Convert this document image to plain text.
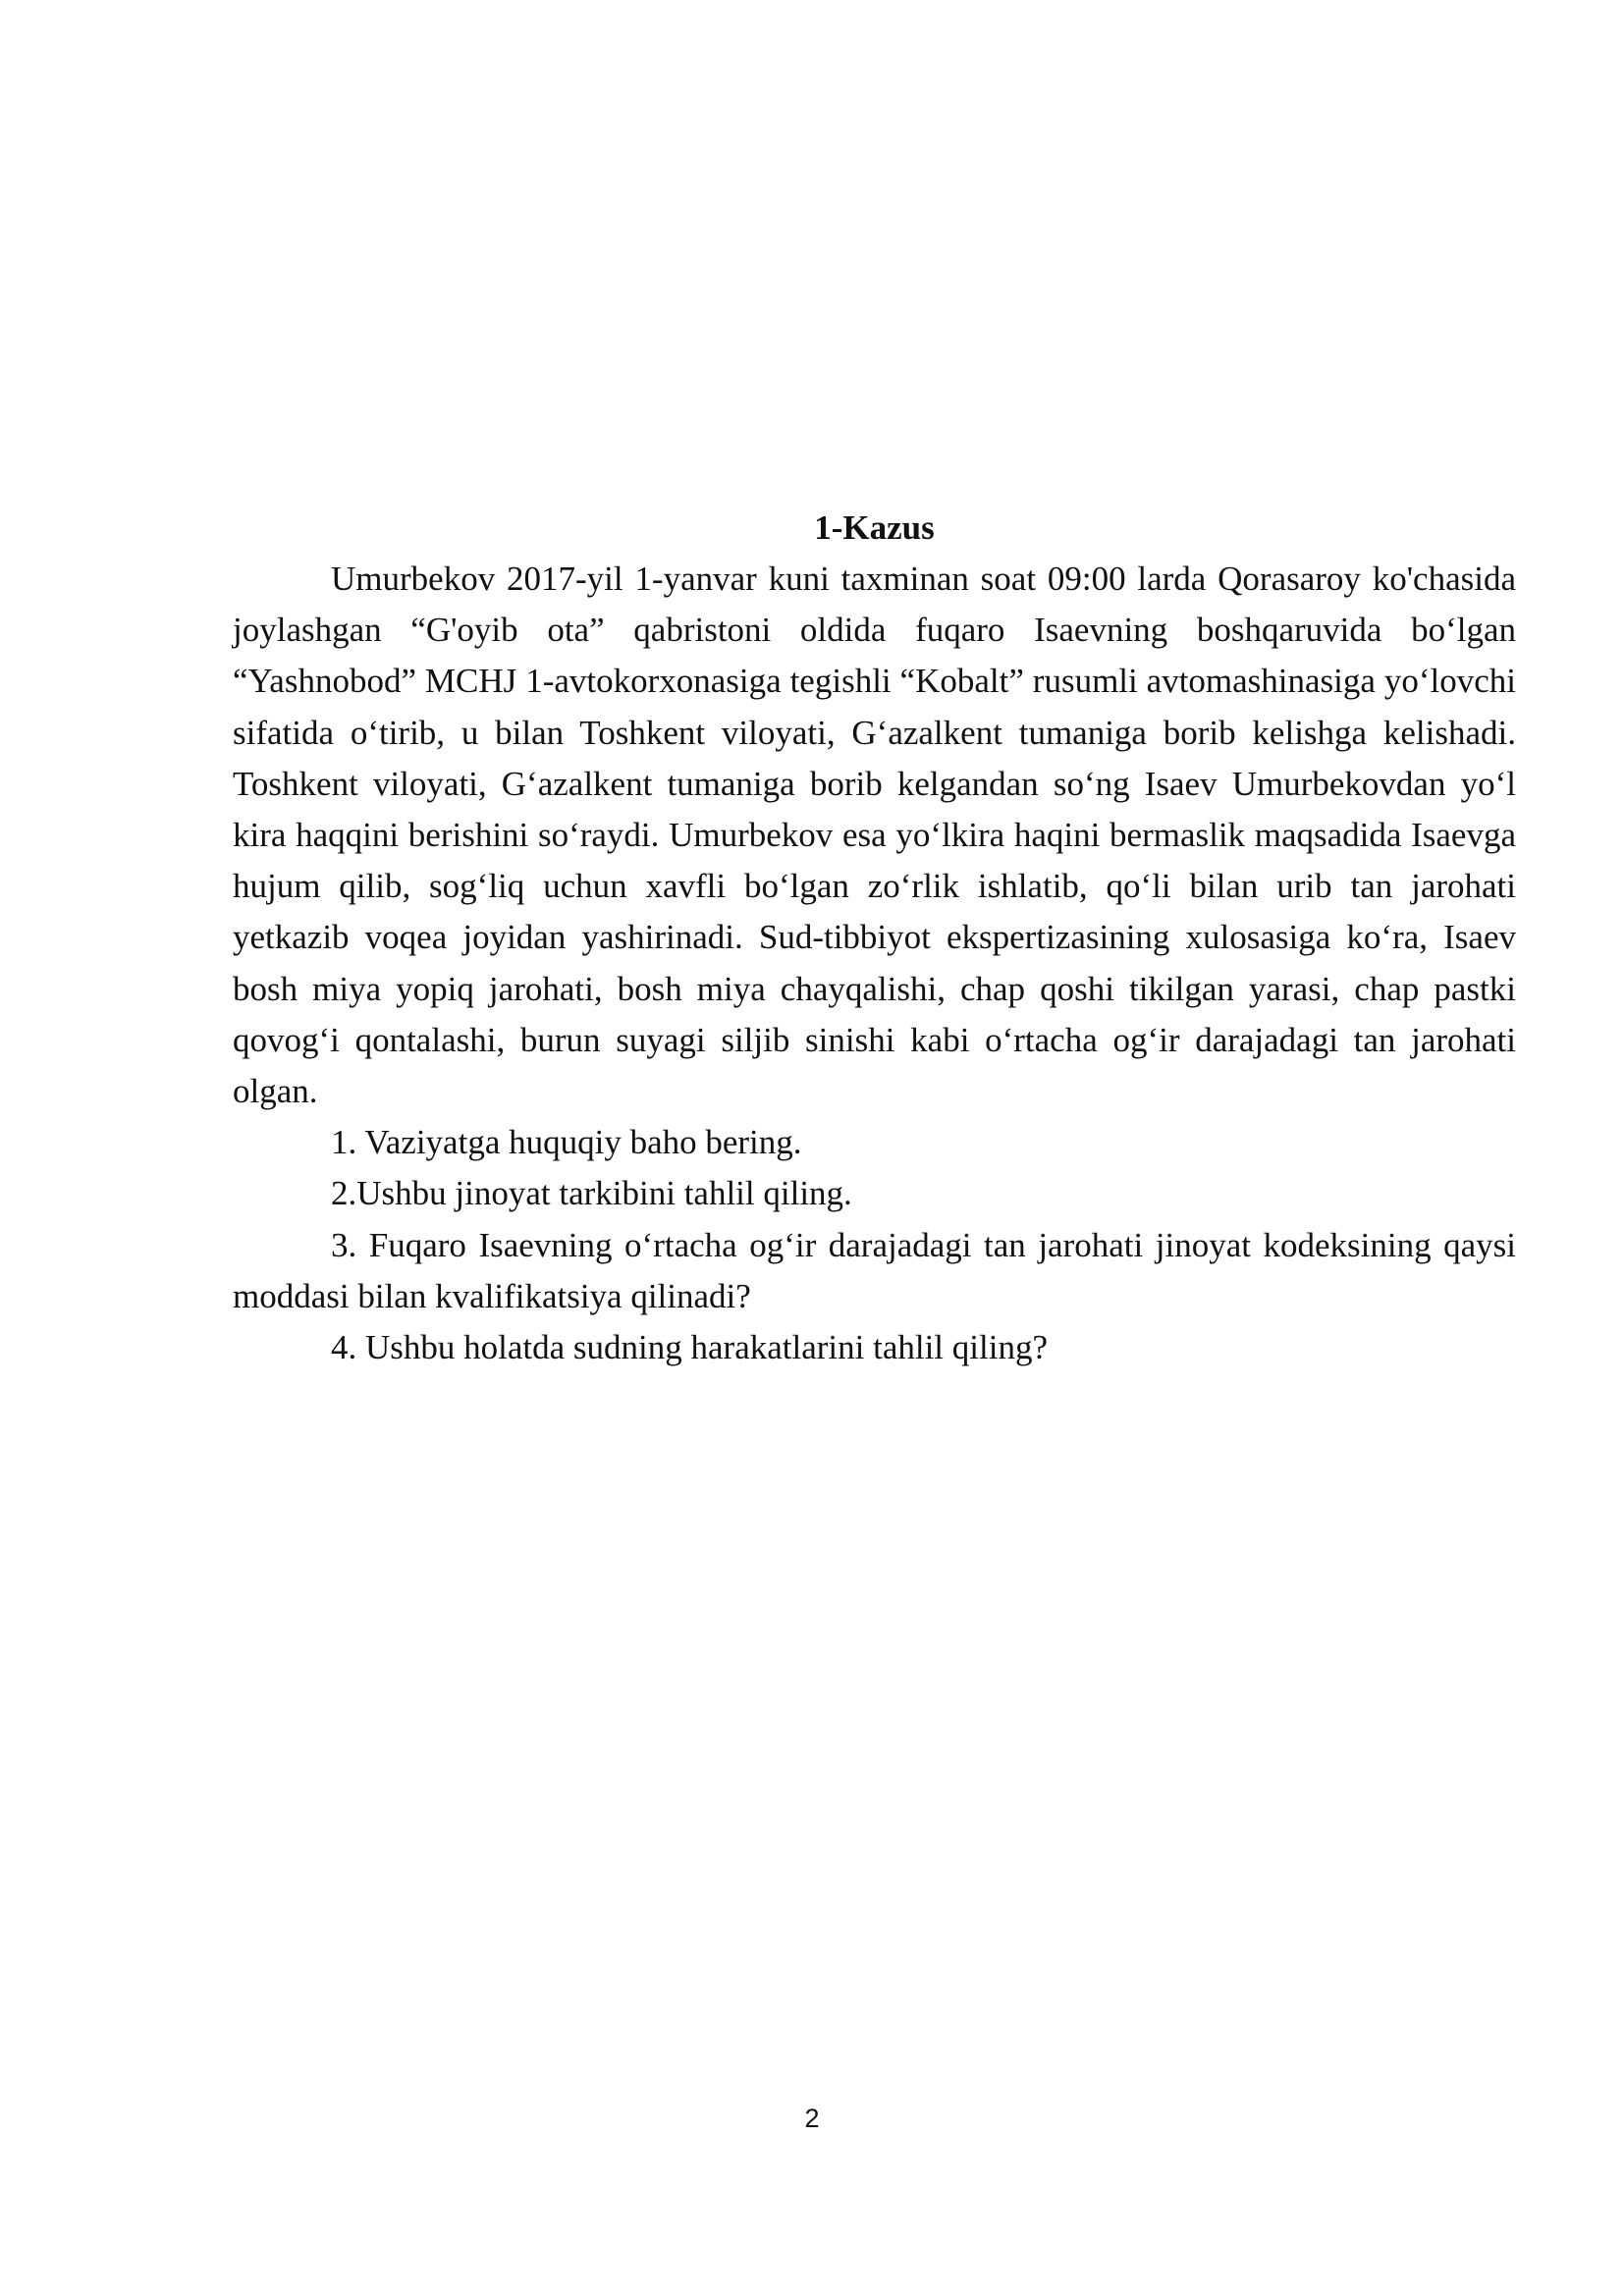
1-Kazus

Umurbekov 2017-yil 1-yanvar kuni taxminan soat 09:00 larda Qorasaroy ko'chasida joylashgan “G'oyib ota” qabristoni oldida fuqaro Isaevning boshqaruvida bo‘lgan “Yashnobod” MCHJ 1-avtokorxonasiga tegishli “Kobalt” rusumli avtomashinasiga yo‘lovchi sifatida o‘tirib, u bilan Toshkent viloyati, G‘azalkent tumaniga borib kelishga kelishadi. Toshkent viloyati, G‘azalkent tumaniga borib kelgandan so‘ng Isaev Umurbekovdan yo‘l kira haqqini berishini so‘raydi. Umurbekov esa yo‘lkira haqini bermaslik maqsadida Isaevga hujum qilib, sog‘liq uchun xavfli bo‘lgan zo‘rlik ishlatib, qo‘li bilan urib tan jarohati yetkazib voqea joyidan yashirinadi. Sud-tibbiyot ekspertizasining xulosasiga ko‘ra, Isaev bosh miya yopiq jarohati, bosh miya chayqalishi, chap qoshi tikilgan yarasi, chap pastki qovog‘i qontalashi, burun suyagi siljib sinishi kabi o‘rtacha og‘ir darajadagi tan jarohati olgan.

1. Vaziyatga huquqiy baho bering.

2.Ushbu jinoyat tarkibini tahlil qiling.

3. Fuqaro Isaevning o‘rtacha og‘ir darajadagi tan jarohati jinoyat kodeksining qaysi moddasi bilan kvalifikatsiya qilinadi?

4. Ushbu holatda sudning harakatlarini tahlil qiling?

2
